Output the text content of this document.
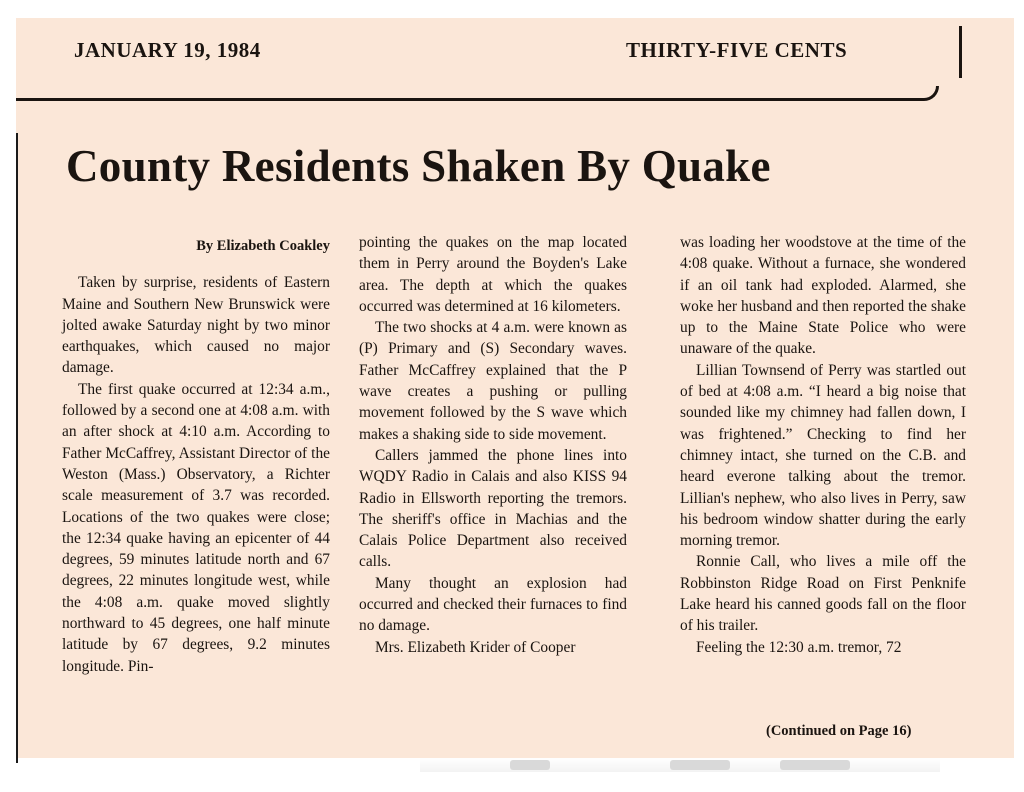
JANUARY 19, 1984	THIRTY-FIVE CENTS
County Residents Shaken By Quake
By Elizabeth Coakley

Taken by surprise, residents of Eastern Maine and Southern New Brunswick were jolted awake Saturday night by two minor earthquakes, which caused no major damage.

The first quake occurred at 12:34 a.m., followed by a second one at 4:08 a.m. with an after shock at 4:10 a.m. According to Father McCaffrey, Assistant Director of the Weston (Mass.) Observatory, a Richter scale measurement of 3.7 was recorded. Locations of the two quakes were close; the 12:34 quake having an epicenter of 44 degrees, 59 minutes latitude north and 67 degrees, 22 minutes longitude west, while the 4:08 a.m. quake moved slightly northward to 45 degrees, one half minute latitude by 67 degrees, 9.2 minutes longitude. Pin-

pointing the quakes on the map located them in Perry around the Boyden's Lake area. The depth at which the quakes occurred was determined at 16 kilometers.

The two shocks at 4 a.m. were known as (P) Primary and (S) Secondary waves. Father McCaffrey explained that the P wave creates a pushing or pulling movement followed by the S wave which makes a shaking side to side movement.

Callers jammed the phone lines into WQDY Radio in Calais and also KISS 94 Radio in Ellsworth reporting the tremors. The sheriff's office in Machias and the Calais Police Department also received calls.

Many thought an explosion had occurred and checked their furnaces to find no damage.

Mrs. Elizabeth Krider of Cooper

was loading her woodstove at the time of the 4:08 quake. Without a furnace, she wondered if an oil tank had exploded. Alarmed, she woke her husband and then reported the shake up to the Maine State Police who were unaware of the quake.

Lillian Townsend of Perry was startled out of bed at 4:08 a.m. “I heard a big noise that sounded like my chimney had fallen down, I was frightened.” Checking to find her chimney intact, she turned on the C.B. and heard everone talking about the tremor. Lillian's nephew, who also lives in Perry, saw his bedroom window shatter during the early morning tremor.

Ronnie Call, who lives a mile off the Robbinston Ridge Road on First Penknife Lake heard his canned goods fall on the floor of his trailer.

Feeling the 12:30 a.m. tremor, 72

(Continued on Page 16)
